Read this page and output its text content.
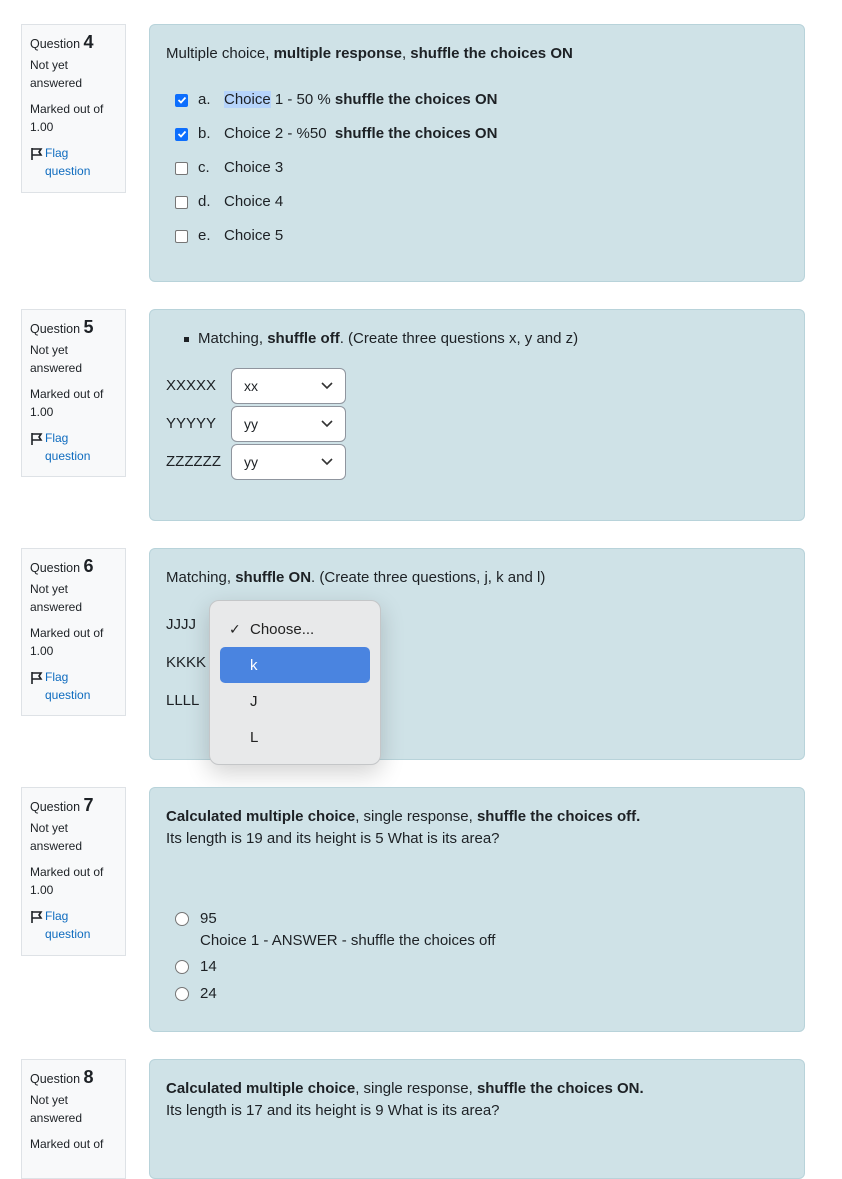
Question 4
Not yet answered
Marked out of 1.00
Flag question
Multiple choice, multiple response, shuffle the choices ON
a. Choice 1 - 50 % shuffle the choices ON
b. Choice 2 - %50  shuffle the choices ON
c. Choice 3
d. Choice 4
e. Choice 5
Question 5
Not yet answered
Marked out of 1.00
Flag question
Matching, shuffle off. (Create three questions x, y and z)
XXXXX	xx
YYYYY	yy
ZZZZZZ	yy
Question 6
Not yet answered
Marked out of 1.00
Flag question
Matching, shuffle ON. (Create three questions, j, k and l)
JJJJ
KKKK
LLLL
✓ Choose...
k
J
L
Question 7
Not yet answered
Marked out of 1.00
Flag question
Calculated multiple choice, single response, shuffle the choices off.
Its length is 19 and its height is 5 What is its area?
95
Choice 1 - ANSWER - shuffle the choices off
14
24
Question 8
Not yet answered
Marked out of
Calculated multiple choice, single response, shuffle the choices ON.
Its length is 17 and its height is 9 What is its area?
